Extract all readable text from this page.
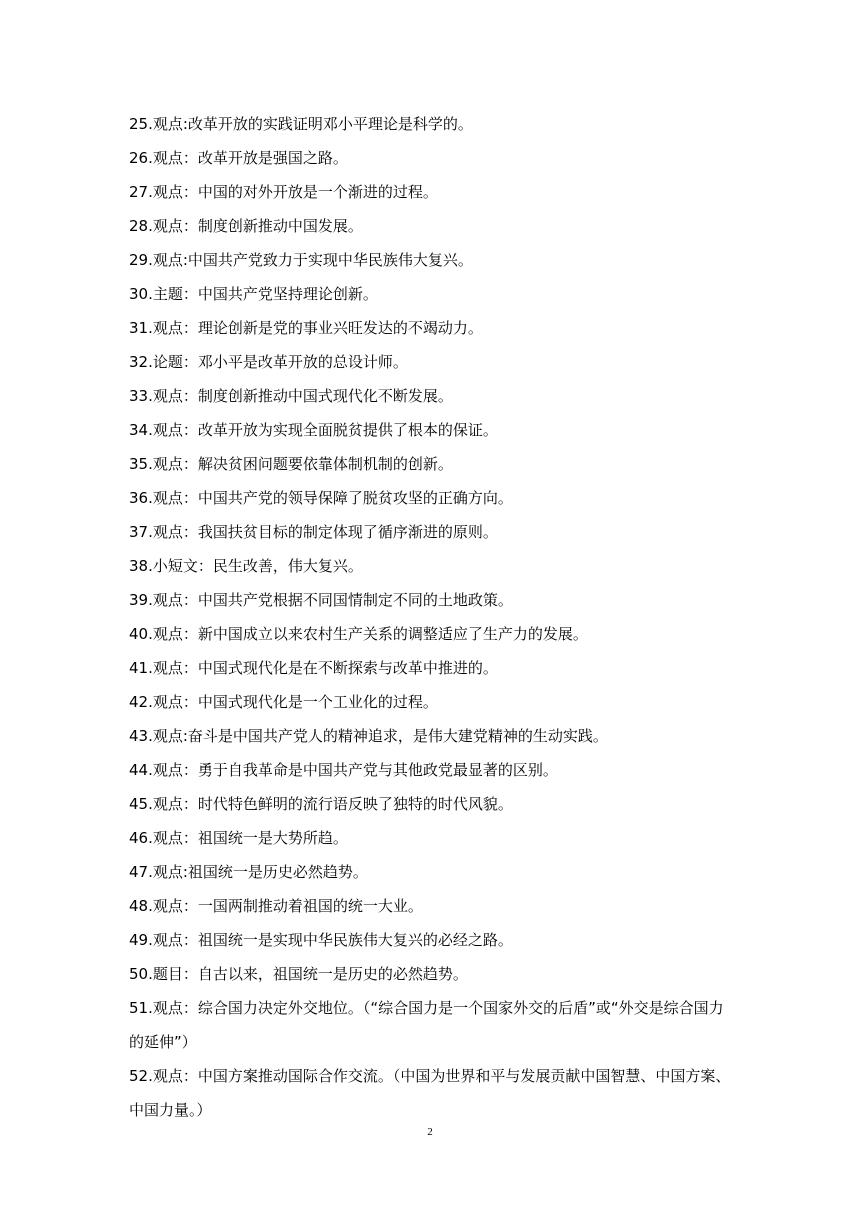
25.观点:改革开放的实践证明邓小平理论是科学的。

26.观点：改革开放是强国之路。

27.观点：中国的对外开放是一个渐进的过程。

28.观点：制度创新推动中国发展。

29.观点:中国共产党致力于实现中华民族伟大复兴。

30.主题：中国共产党坚持理论创新。

31.观点：理论创新是党的事业兴旺发达的不竭动力。

32.论题：邓小平是改革开放的总设计师。

33.观点：制度创新推动中国式现代化不断发展。

34.观点：改革开放为实现全面脱贫提供了根本的保证。

35.观点：解决贫困问题要依靠体制机制的创新。

36.观点：中国共产党的领导保障了脱贫攻坚的正确方向。

37.观点：我国扶贫目标的制定体现了循序渐进的原则。

38.小短文：民生改善，伟大复兴。

39.观点：中国共产党根据不同国情制定不同的土地政策。

40.观点：新中国成立以来农村生产关系的调整适应了生产力的发展。

41.观点：中国式现代化是在不断探索与改革中推进的。

42.观点：中国式现代化是一个工业化的过程。

43.观点:奋斗是中国共产党人的精神追求，是伟大建党精神的生动实践。

44.观点：勇于自我革命是中国共产党与其他政党最显著的区别。

45.观点：时代特色鲜明的流行语反映了独特的时代风貌。

46.观点：祖国统一是大势所趋。

47.观点:祖国统一是历史必然趋势。

48.观点：一国两制推动着祖国的统一大业。

49.观点：祖国统一是实现中华民族伟大复兴的必经之路。

50.题目：自古以来，祖国统一是历史的必然趋势。

51.观点：综合国力决定外交地位。（“综合国力是一个国家外交的后盾”或“外交是综合国力的延伸”）

52.观点：中国方案推动国际合作交流。（中国为世界和平与发展贡献中国智慧、中国方案、中国力量。）

2
